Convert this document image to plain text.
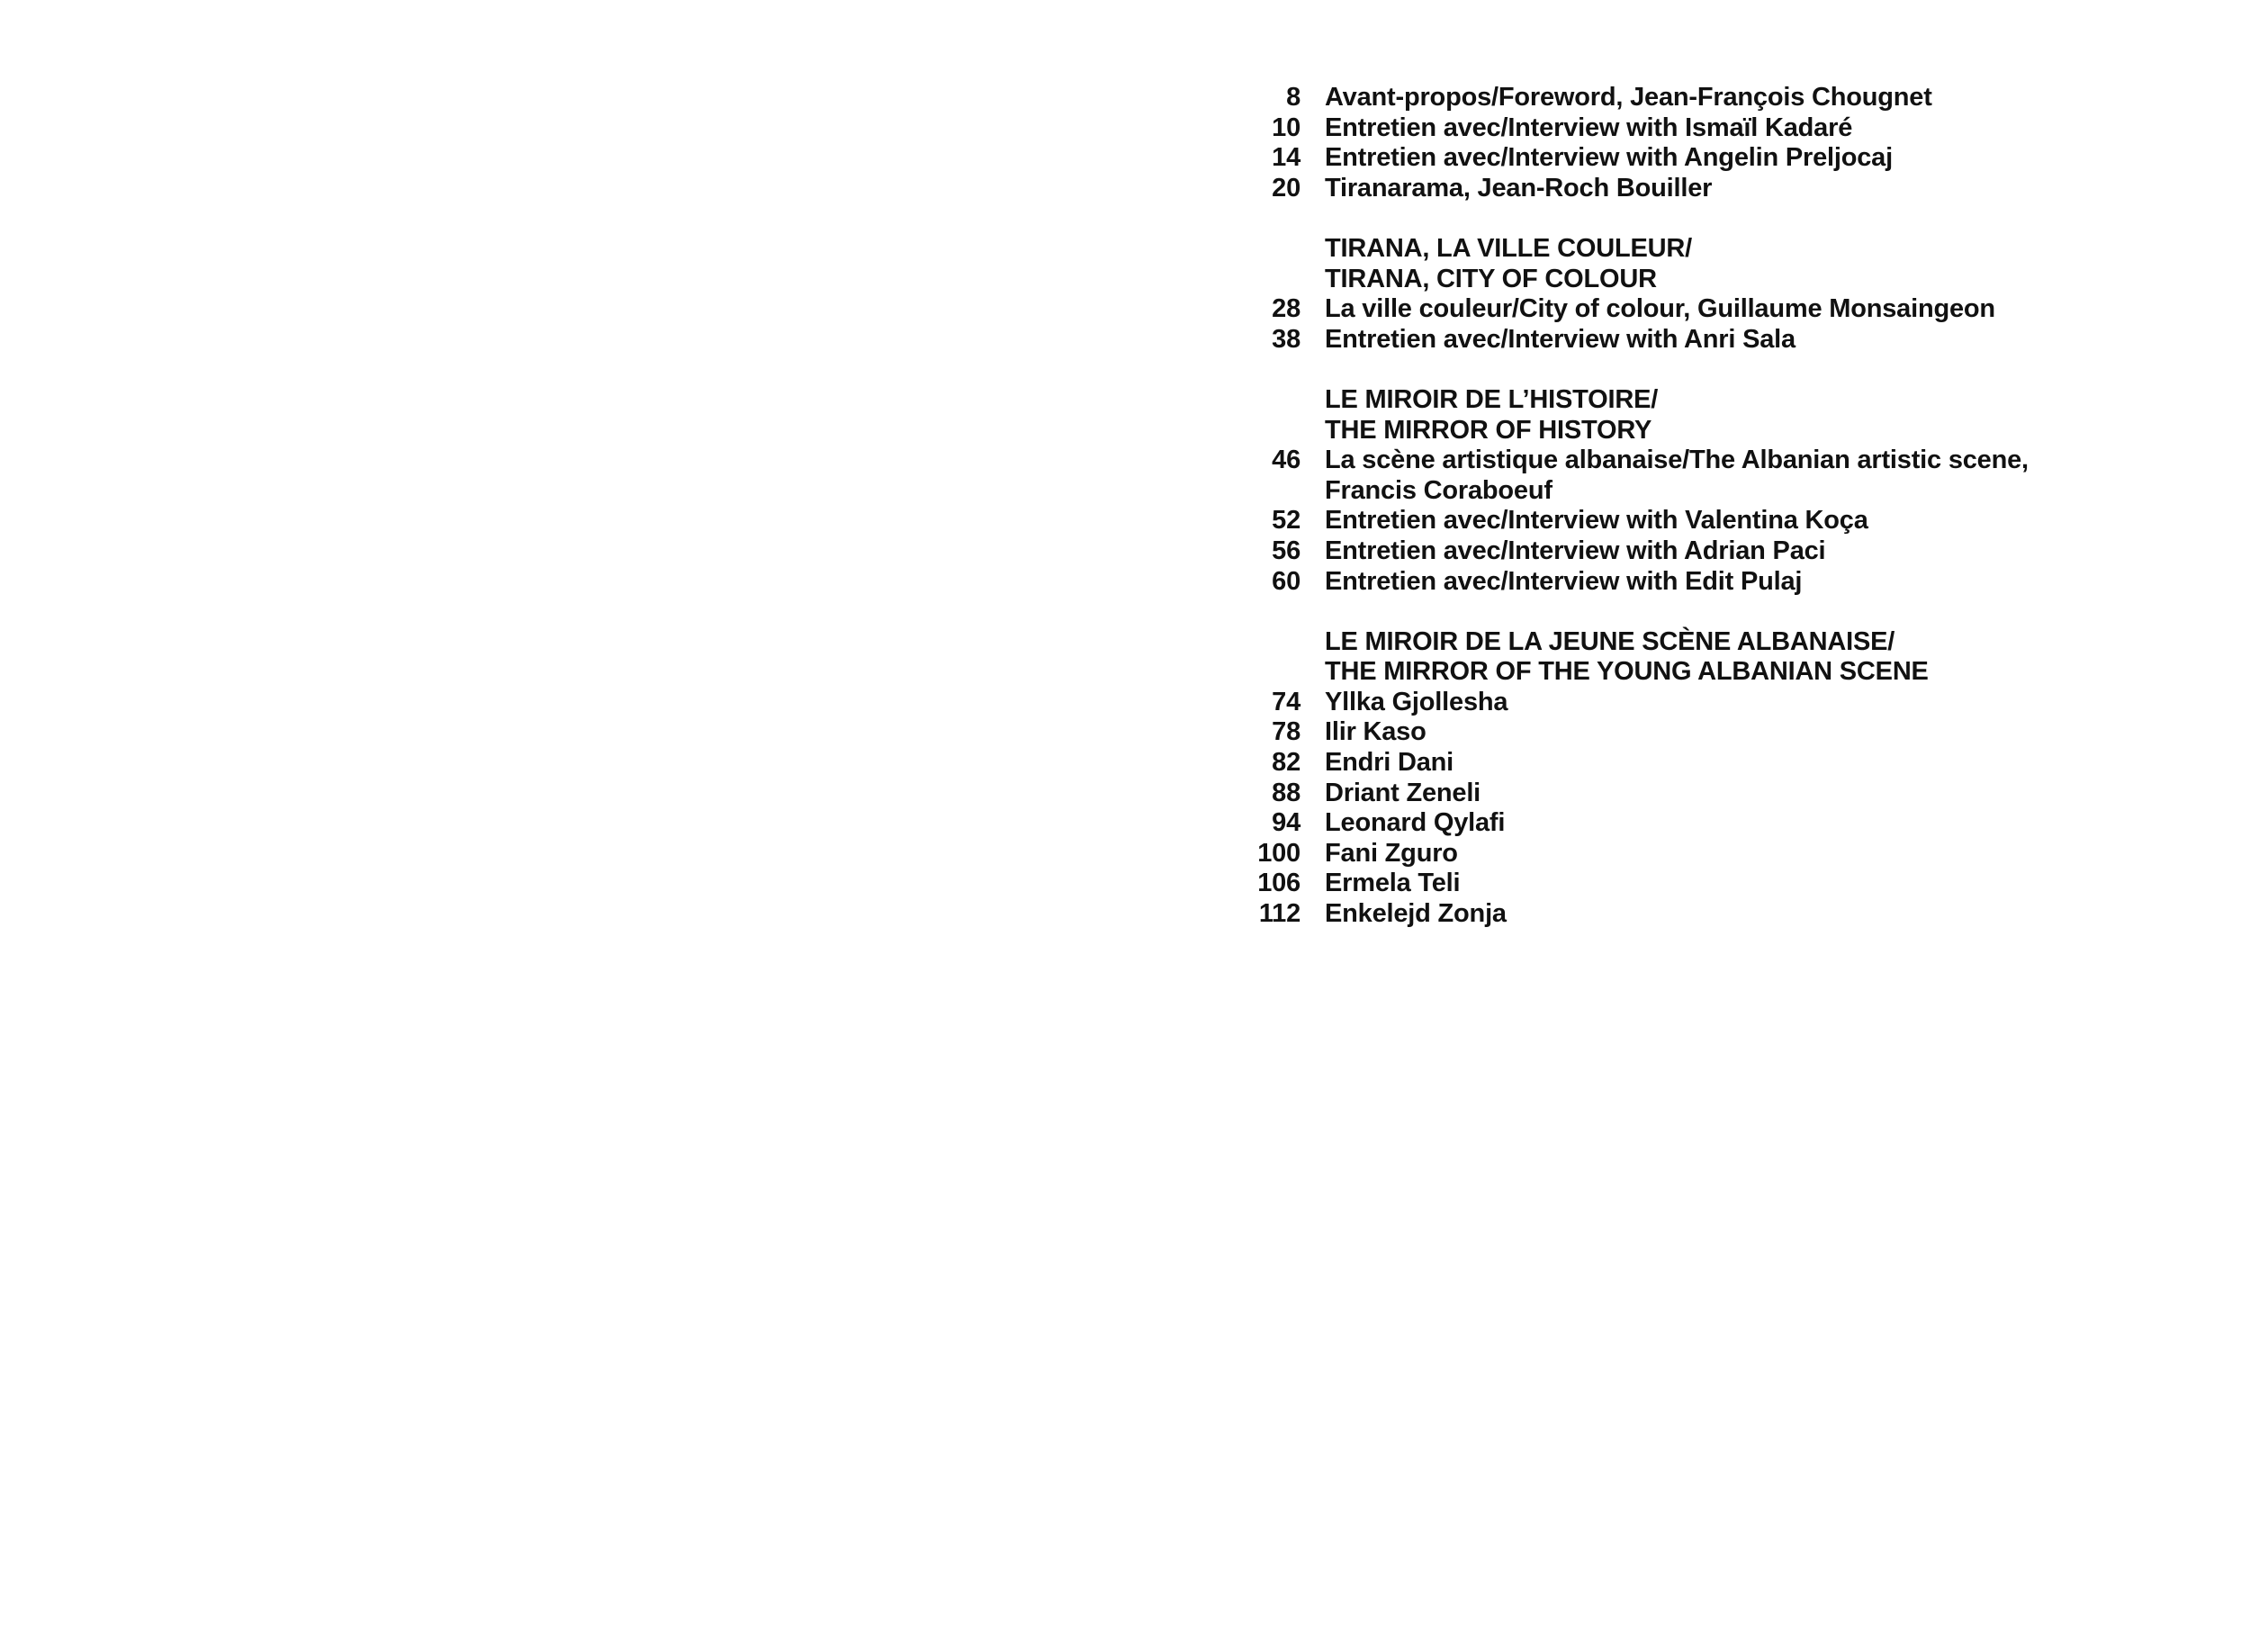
8 Avant-propos/Foreword, Jean-François Chougnet
10 Entretien avec/Interview with Ismaïl Kadaré
14 Entretien avec/Interview with Angelin Preljocaj
20 Tiranarama, Jean-Roch Bouiller
TIRANA, LA VILLE COULEUR/
TIRANA, CITY OF COLOUR
28 La ville couleur/City of colour, Guillaume Monsaingeon
38 Entretien avec/Interview with Anri Sala
LE MIROIR DE L’HISTOIRE/
THE MIRROR OF HISTORY
46 La scène artistique albanaise/The Albanian artistic scene,
Francis Coraboeuf
52 Entretien avec/Interview with Valentina Koça
56 Entretien avec/Interview with Adrian Paci
60 Entretien avec/Interview with Edit Pulaj
LE MIROIR DE LA JEUNE SCÈNE ALBANAISE/
THE MIRROR OF THE YOUNG ALBANIAN SCENE
74 Yllka Gjollesha
78 Ilir Kaso
82 Endri Dani
88 Driant Zeneli
94 Leonard Qylafi
100 Fani Zguro
106 Ermela Teli
112 Enkelejd Zonja
